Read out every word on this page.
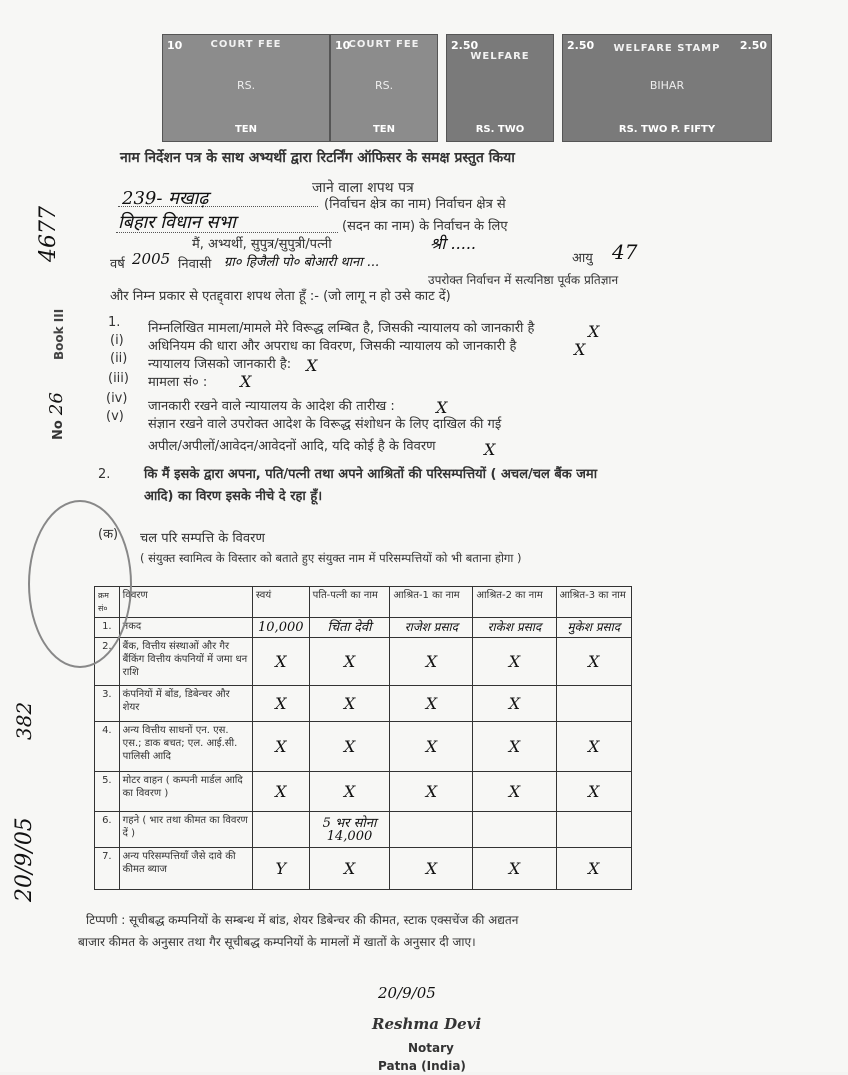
10	COURT FEE
RS.
TEN
10
COURT FEE
RS.
TEN
2.50
WELFARE
RS. TWO
2.50	2.50
WELFARE STAMP
BIHAR
RS. TWO P. FIFTY
नाम निर्देशन पत्र के साथ अभ्यर्थी द्वारा रिटर्निंग ऑफिसर के समक्ष प्रस्तुत किया
जाने वाला शपथ पत्र
239- मखाढ़	(निर्वाचन क्षेत्र का नाम) निर्वाचन क्षेत्र से
बिहार विधान सभा	(सदन का नाम) के निर्वाचन के लिए
मैं, अभ्यर्थी, सुपुत्र/सुपुत्री/पत्नी	श्री .....
आयु 47
वर्ष 2005 निवासी ग्रा० हिजैली पो० बोआरी थाना ...
उपरोक्त निर्वाचन में सत्यनिष्ठा पूर्वक प्रतिज्ञान
और निम्न प्रकार से एतद्द्वारा शपथ लेता हूँ :- (जो लागू न हो उसे काट दें)
1. निम्नलिखित मामला/मामले मेरे विरूद्ध लम्बित है, जिसकी न्यायालय को जानकारी है	X
(i) अधिनियम की धारा और अपराध का विवरण, जिसकी न्यायालय को जानकारी है	X
(ii) न्यायालय जिसको जानकारी है: X
(iii) मामला सं० : X
(iv)
जानकारी रखने वाले न्यायालय के आदेश की तारीख :	X
(v)
संज्ञान रखने वाले उपरोक्त आदेश के विरूद्ध संशोधन के लिए दाखिल की गई
अपील/अपीलों/आवेदन/आवेदनों आदि, यदि कोई है के विवरण	X
2.	कि मैं इसके द्वारा अपना, पति/पत्नी तथा अपने आश्रितों की परिसम्पत्तियों ( अचल/चल बैंक जमा
आदि) का विरण इसके नीचे दे रहा हूँ।
(क) चल परि सम्पत्ति के विवरण
( संयुक्त स्वामित्व के विस्तार को बताते हुए संयुक्त नाम में परिसम्पत्तियों को भी बताना होगा )
क्रम सं०	विवरण	स्वयं	पति-पत्नी का नाम	आश्रित-1 का नाम	आश्रित-2 का नाम	आश्रित-3 का नाम
1.	नकद	10,000	चिंता देवी	राजेश प्रसाद	राकेश प्रसाद	मुकेश प्रसाद
2.	बैंक, वित्तीय संस्थाओं और गैर बैंकिंग वित्तीय कंपनियों में जमा धन राशि	X	X	X	X	X
3.	कंपनियों में बोंड, डिबेन्चर और शेयर	X	X	X	X	
4.	अन्य वित्तीय साधनों एन. एस. एस.; डाक बचत; एल. आई.सी. पालिसी आदि	X	X	X	X	X
5.	मोटर वाहन ( कम्पनी मार्डल आदि का विवरण )	X	X	X	X	X
6.	गहने ( भार तथा कीमत का विवरण दें )		5 भर सोना 14,000			
7.	अन्य परिसम्पत्तियाँ जैसे दावे की कीमत ब्याज	Y	X	X	X	X
टिप्पणी : सूचीबद्ध कम्पनियों के सम्बन्ध में बांड, शेयर डिबेन्चर की कीमत, स्टाक एक्सचेंज की अद्यतन
बाजार कीमत के अनुसार तथा गैर सूचीबद्ध कम्पनियों के मामलों में खातों के अनुसार दी जाए।
20/9/05
Reshma Devi
Notary
Patna (India)
4677
Book III
No 26
20/9/05
382
